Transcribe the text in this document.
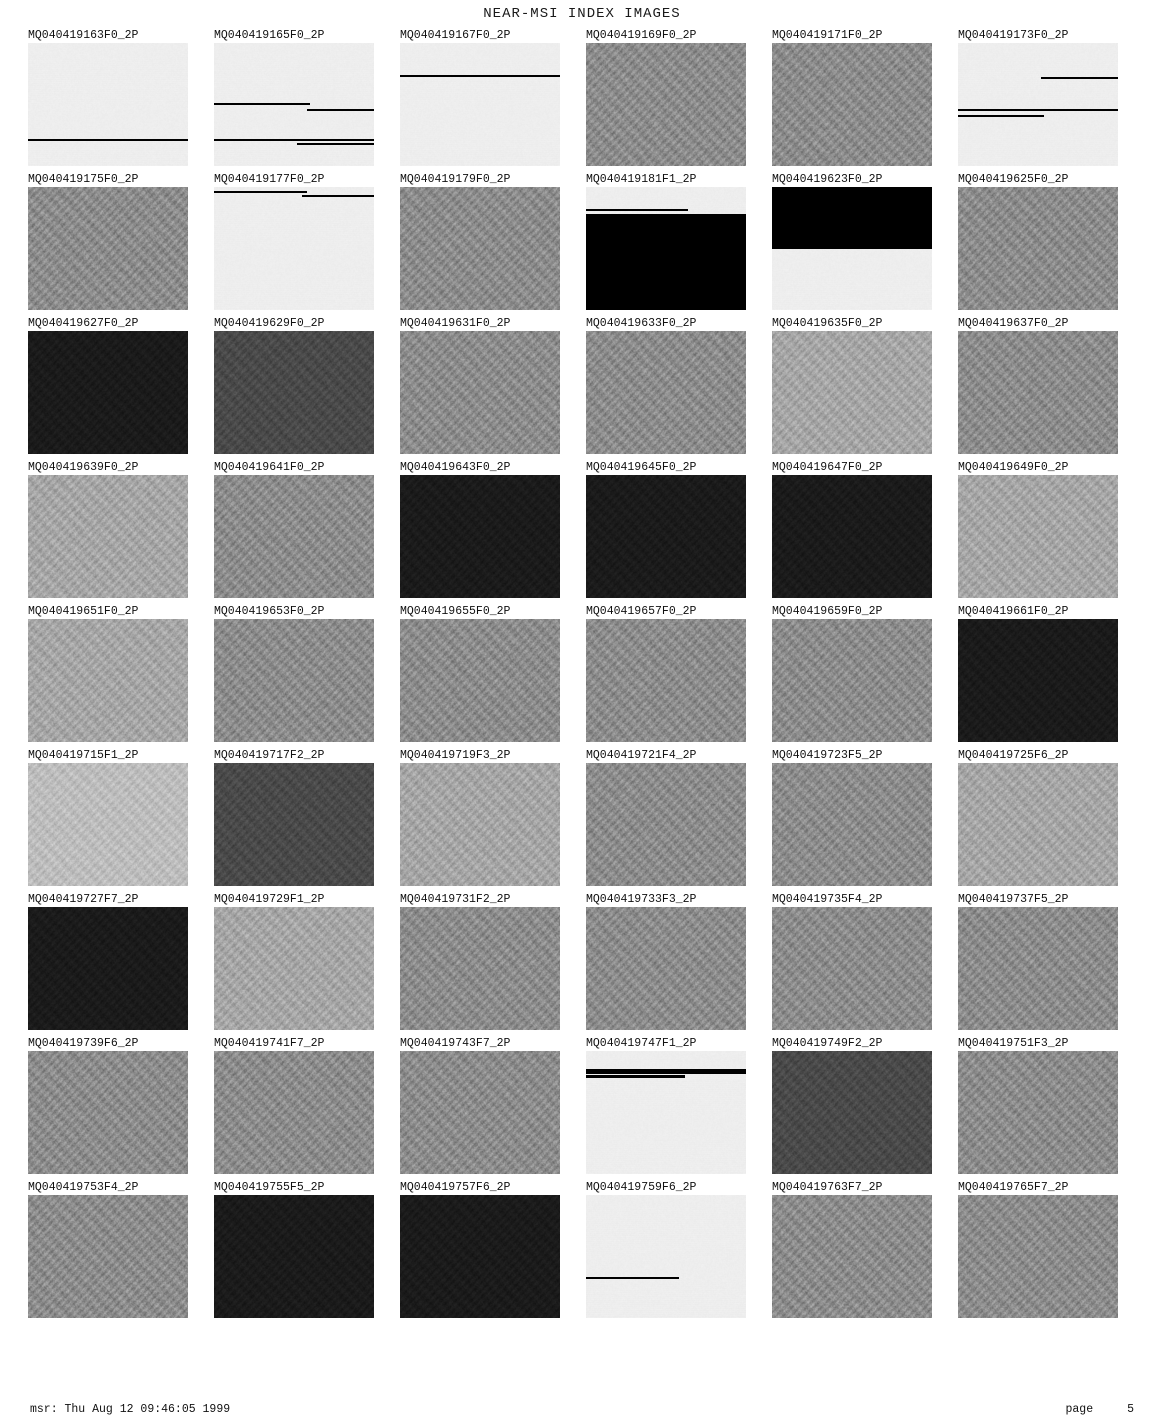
NEAR-MSI INDEX IMAGES
MQ040419163F0_2P	MQ040419165F0_2P	MQ040419167F0_2P	MQ040419169F0_2P	MQ040419171F0_2P	MQ040419173F0_2P
MQ040419175F0_2P	MQ040419177F0_2P	MQ040419179F0_2P	MQ040419181F1_2P	MQ040419623F0_2P	MQ040419625F0_2P
MQ040419627F0_2P	MQ040419629F0_2P	MQ040419631F0_2P	MQ040419633F0_2P	MQ040419635F0_2P	MQ040419637F0_2P
MQ040419639F0_2P	MQ040419641F0_2P	MQ040419643F0_2P	MQ040419645F0_2P	MQ040419647F0_2P	MQ040419649F0_2P
MQ040419651F0_2P	MQ040419653F0_2P	MQ040419655F0_2P	MQ040419657F0_2P	MQ040419659F0_2P	MQ040419661F0_2P
MQ040419715F1_2P	MQ040419717F2_2P	MQ040419719F3_2P	MQ040419721F4_2P	MQ040419723F5_2P	MQ040419725F6_2P
MQ040419727F7_2P	MQ040419729F1_2P	MQ040419731F2_2P	MQ040419733F3_2P	MQ040419735F4_2P	MQ040419737F5_2P
MQ040419739F6_2P	MQ040419741F7_2P	MQ040419743F7_2P	MQ040419747F1_2P	MQ040419749F2_2P	MQ040419751F3_2P
MQ040419753F4_2P	MQ040419755F5_2P	MQ040419757F6_2P	MQ040419759F6_2P	MQ040419763F7_2P	MQ040419765F7_2P
msr: Thu Aug 12 09:46:05 1999	page	5
